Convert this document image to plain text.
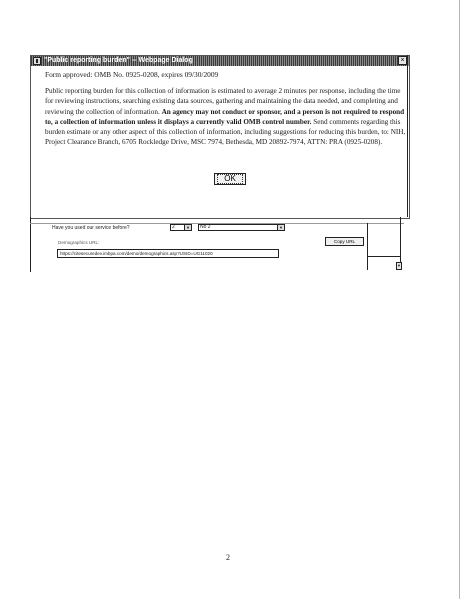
"Public reporting burden" -- Webpage Dialog	×
Form approved: OMB No. 0925-0208, expires 09/30/2009

Public reporting burden for this collection of information is estimated to average 2 minutes per response, including the time for reviewing instructions, searching existing data sources, gathering and maintaining the data needed, and completing and reviewing the collection of information. An agency may not conduct or sponsor, and a person is not required to respond to, a collection of information unless it displays a currently valid OMB control number. Send comments regarding this burden estimate or any other aspect of this collection of information, including suggestions for reducing this burden, to: NIH, Project Clearance Branch, 6705 Rockledge Drive, MSC 7974, Bethesda, MD 20892-7974, ATTN: PRA (0925-0208).

OK
Have you used our service before?	2	▼	No 2	▼
Demographics URL:	Copy URL
https://citesecuredev.imbpa.com/demo/demographics.asp?USID=UG11020
▼
2
